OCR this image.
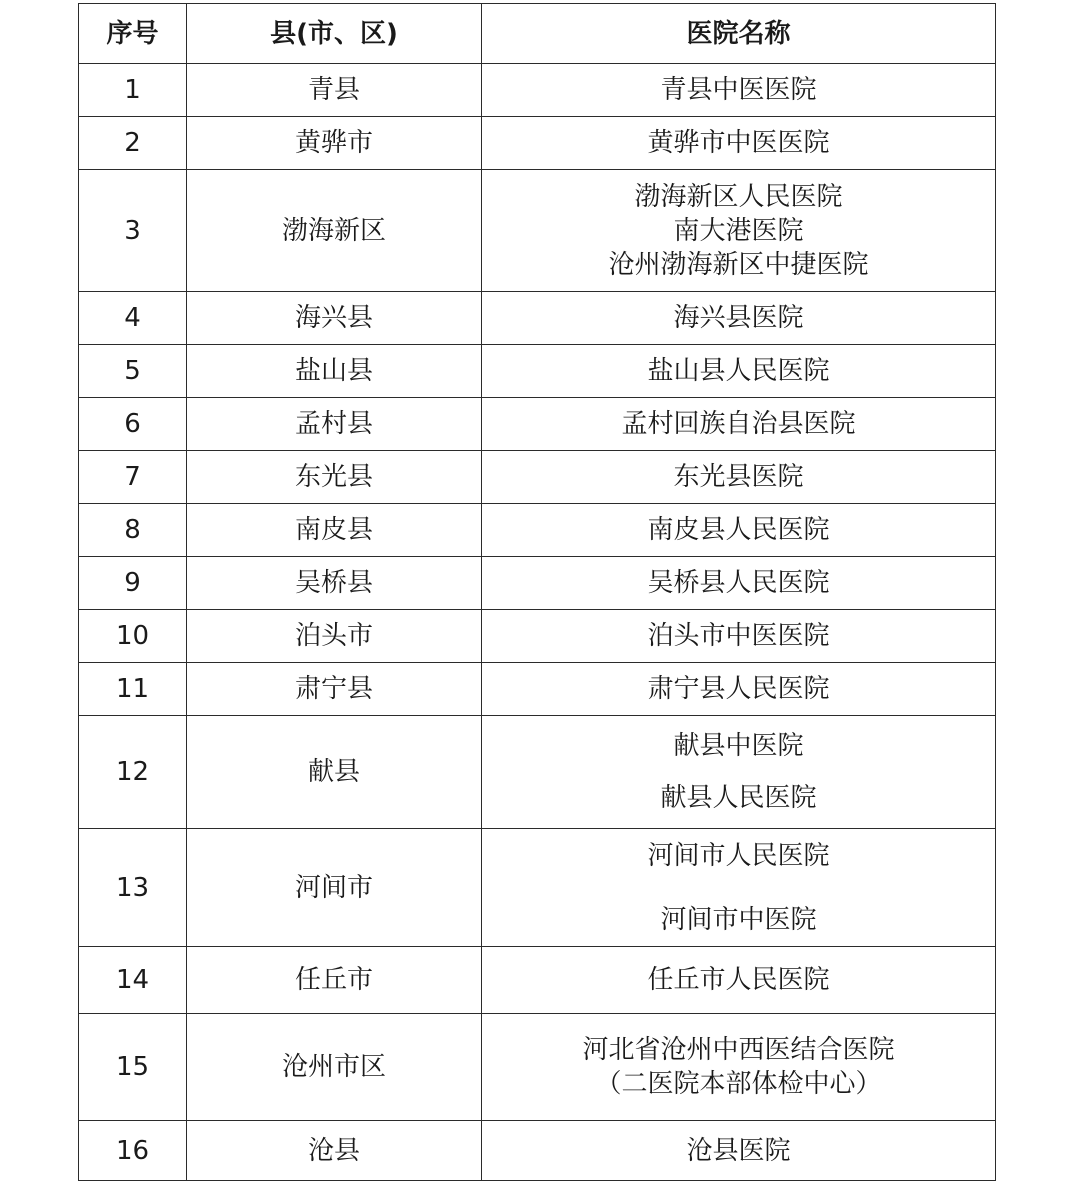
序号	县(市、区)	医院名称
1	青县	青县中医医院

2	黄骅市	黄骅市中医医院

3	渤海新区	渤海新区人民医院
南大港医院
沧州渤海新区中捷医院

4	海兴县	海兴县医院

5	盐山县	盐山县人民医院

6	孟村县	孟村回族自治县医院

7	东光县	东光县医院

8	南皮县	南皮县人民医院

9	吴桥县	吴桥县人民医院

10	泊头市	泊头市中医医院

11	肃宁县	肃宁县人民医院

12	献县	献县中医院
献县人民医院

13	河间市	河间市人民医院
河间市中医院

14	任丘市	任丘市人民医院

15	沧州市区	河北省沧州中西医结合医院
（二医院本部体检中心）

16	沧县	沧县医院
